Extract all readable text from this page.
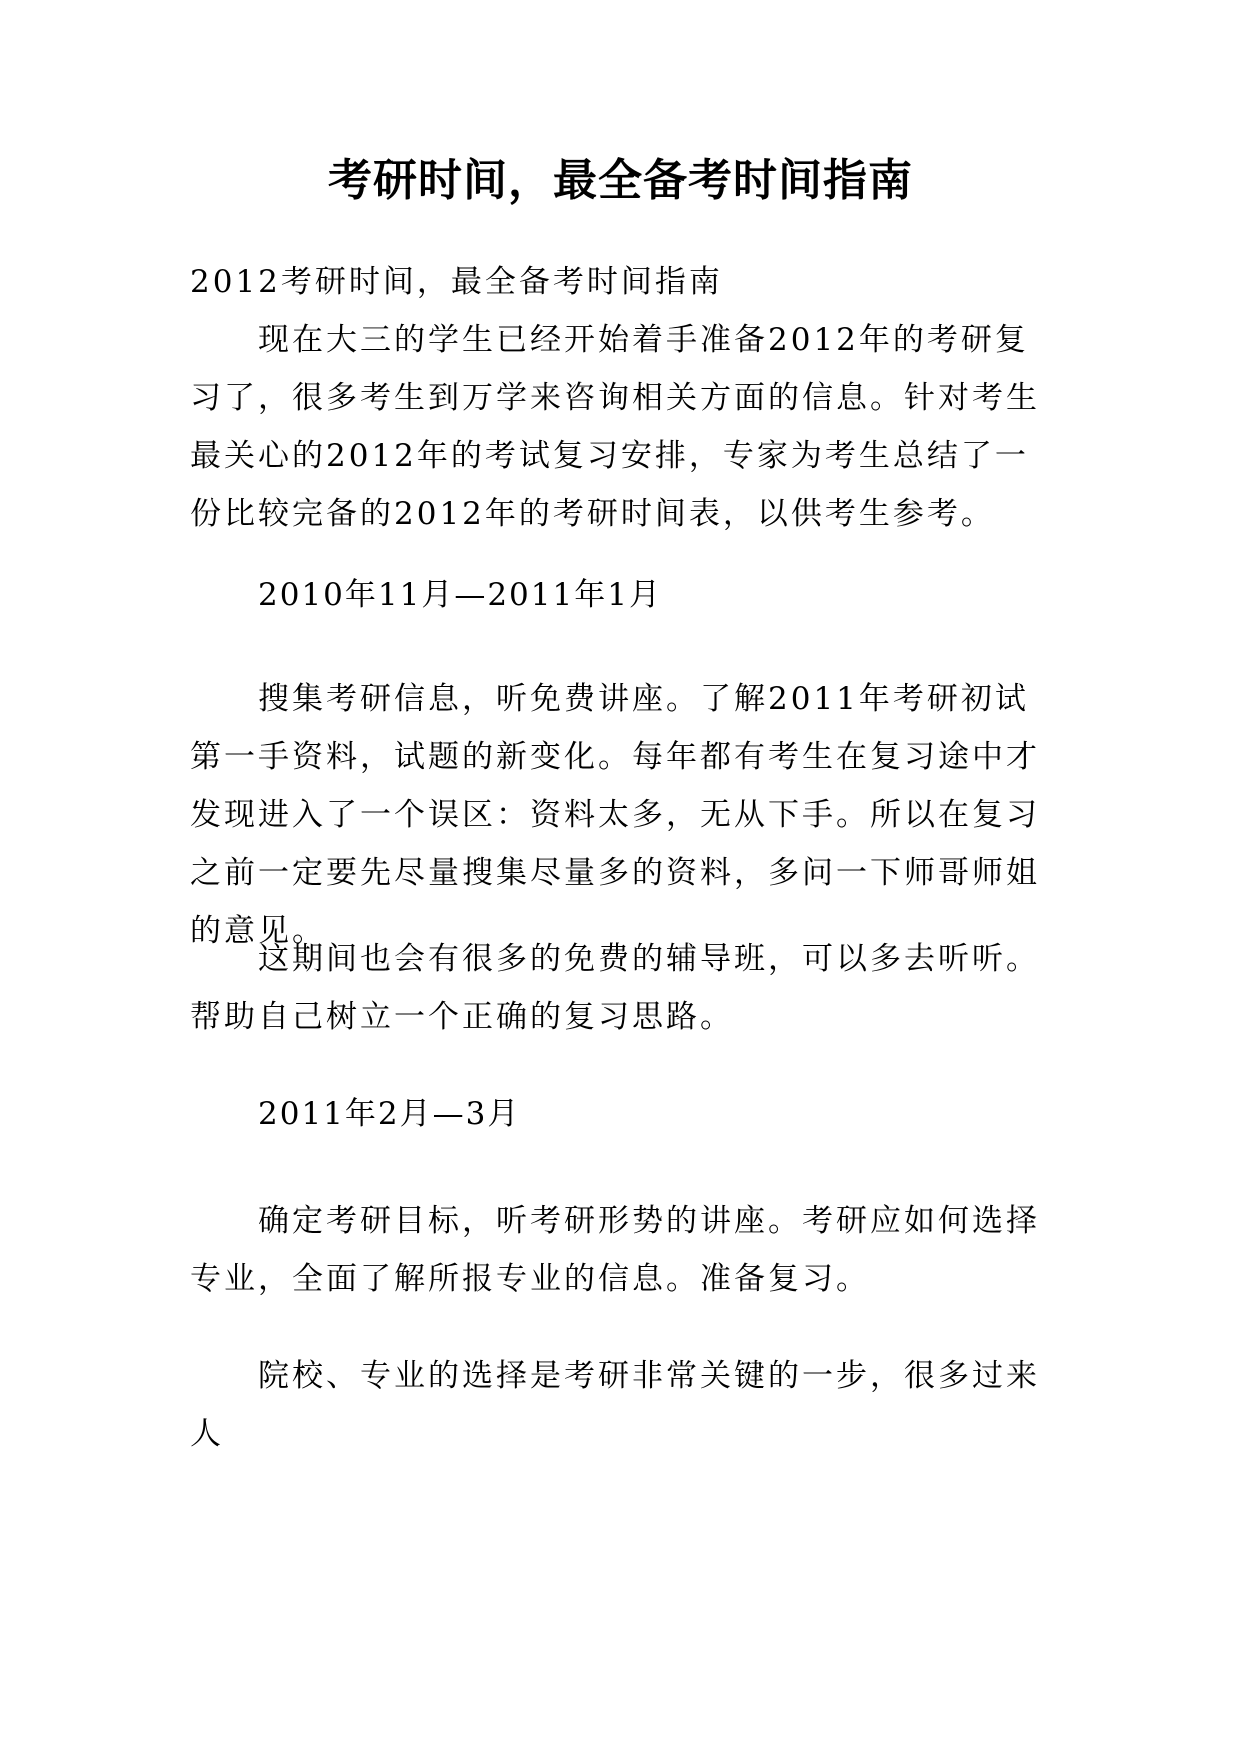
考研时间，最全备考时间指南
2012考研时间，最全备考时间指南
现在大三的学生已经开始着手准备2012年的考研复习了，很多考生到万学来咨询相关方面的信息。针对考生最关心的2012年的考试复习安排，专家为考生总结了一份比较完备的2012年的考研时间表，以供考生参考。
2010年11月—2011年1月
搜集考研信息，听免费讲座。了解2011年考研初试第一手资料，试题的新变化。每年都有考生在复习途中才发现进入了一个误区：资料太多，无从下手。所以在复习之前一定要先尽量搜集尽量多的资料，多问一下师哥师姐的意见。
这期间也会有很多的免费的辅导班，可以多去听听。帮助自己树立一个正确的复习思路。
2011年2月—3月
确定考研目标，听考研形势的讲座。考研应如何选择专业，全面了解所报专业的信息。准备复习。
院校、专业的选择是考研非常关键的一步，很多过来人
